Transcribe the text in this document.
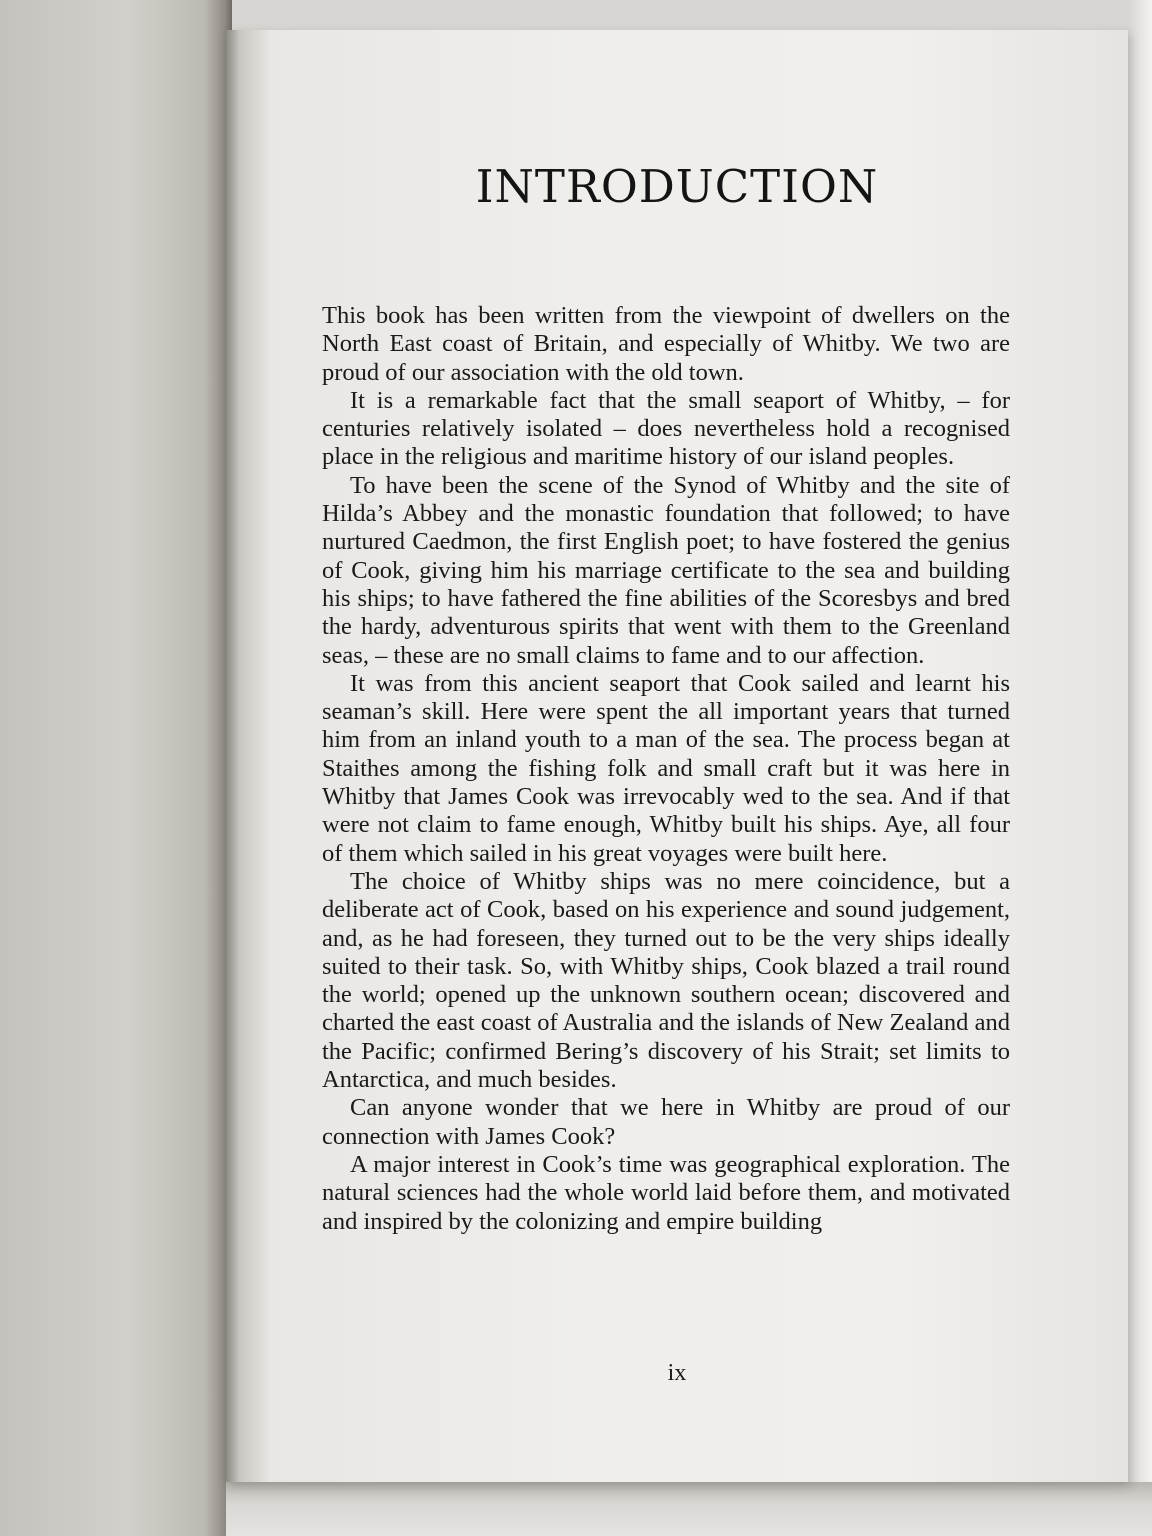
INTRODUCTION

This book has been written from the viewpoint of dwellers on the North East coast of Britain, and especially of Whitby. We two are proud of our association with the old town.

It is a remarkable fact that the small seaport of Whitby, – for centuries relatively isolated – does nevertheless hold a recognised place in the religious and maritime history of our island peoples.

To have been the scene of the Synod of Whitby and the site of Hilda’s Abbey and the monastic foundation that followed; to have nurtured Caedmon, the first English poet; to have fostered the genius of Cook, giving him his marriage certificate to the sea and building his ships; to have fathered the fine abilities of the Scoresbys and bred the hardy, adventurous spirits that went with them to the Greenland seas, – these are no small claims to fame and to our affection.

It was from this ancient seaport that Cook sailed and learnt his seaman’s skill. Here were spent the all important years that turned him from an inland youth to a man of the sea. The process began at Staithes among the fishing folk and small craft but it was here in Whitby that James Cook was irrevocably wed to the sea. And if that were not claim to fame enough, Whitby built his ships. Aye, all four of them which sailed in his great voyages were built here.

The choice of Whitby ships was no mere coincidence, but a deliberate act of Cook, based on his experience and sound judgement, and, as he had foreseen, they turned out to be the very ships ideally suited to their task. So, with Whitby ships, Cook blazed a trail round the world; opened up the unknown southern ocean; discovered and charted the east coast of Australia and the islands of New Zealand and the Pacific; confirmed Bering’s discovery of his Strait; set limits to Antarctica, and much besides.

Can anyone wonder that we here in Whitby are proud of our connection with James Cook?

A major interest in Cook’s time was geographical exploration. The natural sciences had the whole world laid before them, and motivated and inspired by the colonizing and empire building

ix
